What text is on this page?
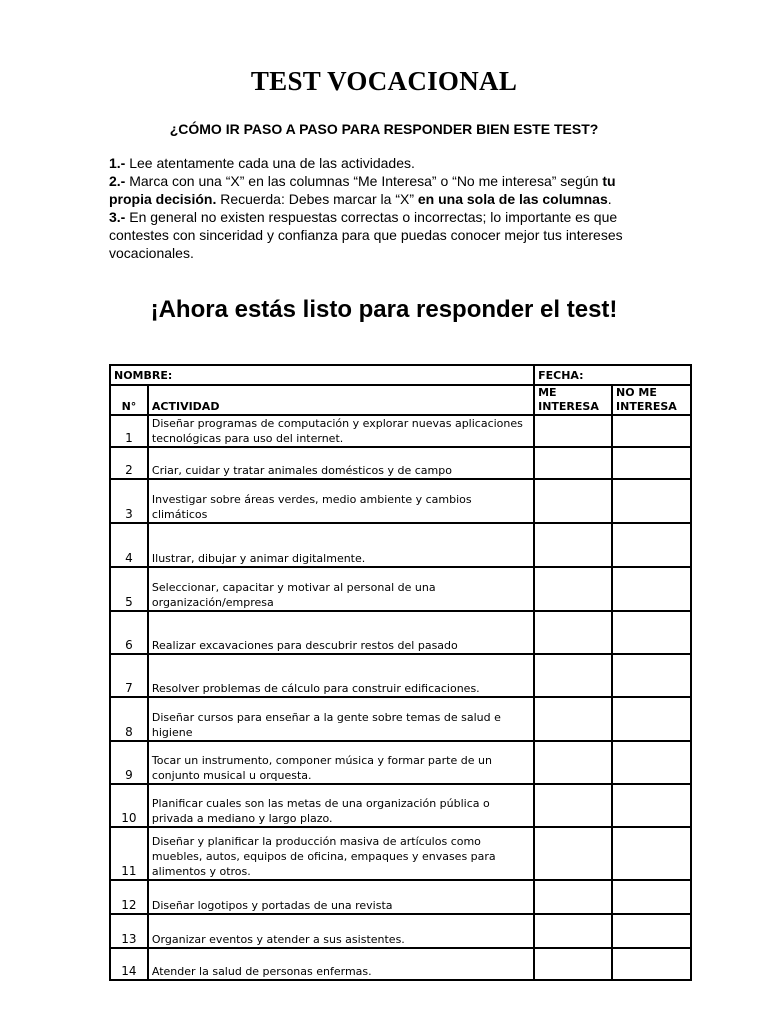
TEST VOCACIONAL
¿CÓMO IR PASO A PASO PARA RESPONDER BIEN ESTE TEST?

1.- Lee atentamente cada una de las actividades.

2.- Marca con una “X” en las columnas “Me Interesa” o “No me interesa” según tu propia decisión. Recuerda: Debes marcar la “X” en una sola de las columnas.

3.- En general no existen respuestas correctas o incorrectas; lo importante es que contestes con sinceridad y confianza para que puedas conocer mejor tus intereses vocacionales.

¡Ahora estás listo para responder el test!
NOMBRE:		FECHA:	
N°	ACTIVIDAD	ME INTERESA	NO ME INTERESA
1	Diseñar programas de computación y explorar nuevas aplicaciones tecnológicas para uso del internet.		
2	Criar, cuidar y tratar animales domésticos y de campo		
3	Investigar sobre áreas verdes, medio ambiente y cambios climáticos		
4	Ilustrar, dibujar y animar digitalmente.		
5	Seleccionar, capacitar y motivar al personal de una organización/empresa		
6	Realizar excavaciones para descubrir restos del pasado		
7	Resolver problemas de cálculo para construir edificaciones.		
8	Diseñar cursos para enseñar a la gente sobre temas de salud e higiene		
9	Tocar un instrumento, componer música y formar parte de un conjunto musical u orquesta.		
10	Planificar cuales son las metas de una organización pública o privada a mediano y largo plazo.		
11	Diseñar y planificar la producción masiva de artículos como muebles, autos, equipos de oficina, empaques y envases para alimentos y otros.		
12	Diseñar logotipos y portadas de una revista		
13	Organizar eventos y atender a sus asistentes.		
14	Atender la salud de personas enfermas.		
